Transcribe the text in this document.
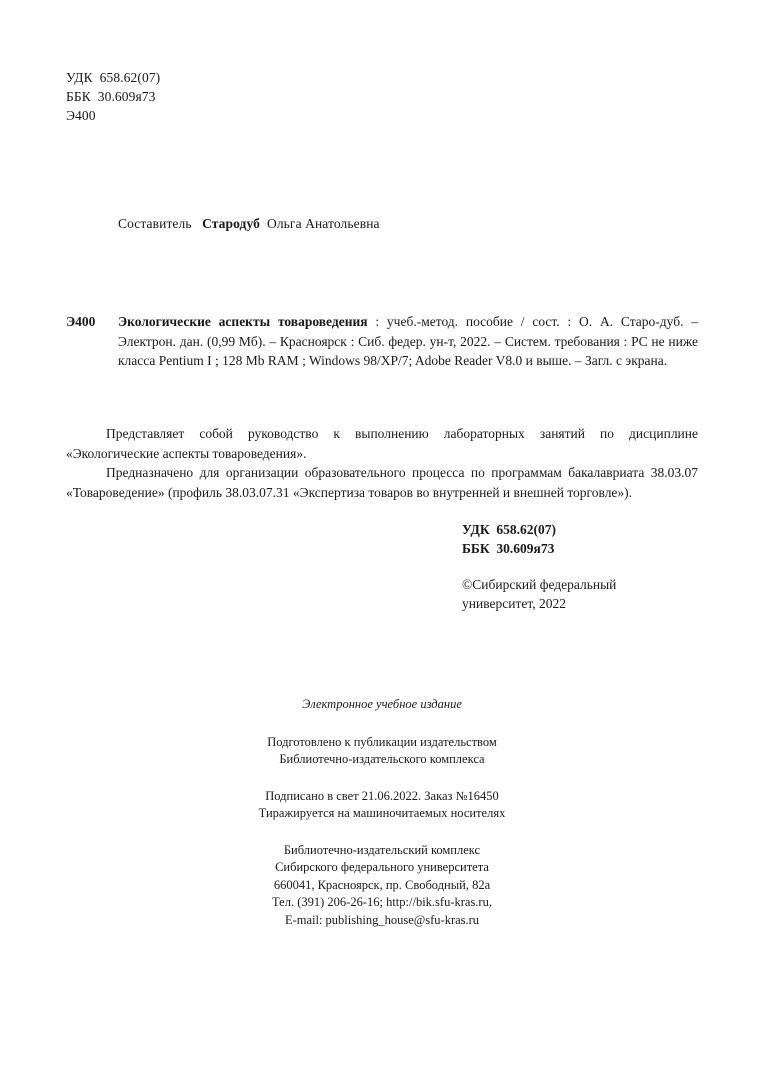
УДК  658.62(07)
ББК  30.609я73
Э400
Составитель Стародуб Ольга Анатольевна
Э400	Экологические аспекты товароведения : учеб.-метод. пособие / сост. : О. А. Старо-дуб. – Электрон. дан. (0,99 Мб). – Красноярск : Сиб. федер. ун-т, 2022. – Систем. требования : PC не ниже класса Pentium I ; 128 Mb RAM ; Windows 98/XP/7; Adobe Reader V8.0 и выше. – Загл. с экрана.

Представляет собой руководство к выполнению лабораторных занятий по дисциплине «Экологические аспекты товароведения».

Предназначено для организации образовательного процесса по программам бакалавриата 38.03.07 «Товароведение» (профиль 38.03.07.31 «Экспертиза товаров во внутренней и внешней торговле»).

УДК  658.62(07)
ББК  30.609я73
©Сибирский федеральный
университет, 2022
Электронное учебное издание
Подготовлено к публикации издательством
Библиотечно-издательского комплекса
Подписано в свет 21.06.2022. Заказ №16450
Тиражируется на машиночитаемых носителях
Библиотечно-издательский комплекс
Сибирского федерального университета
660041, Красноярск, пр. Свободный, 82а
Тел. (391) 206-26-16; http://bik.sfu-kras.ru,
E-mail: publishing_house@sfu-kras.ru
